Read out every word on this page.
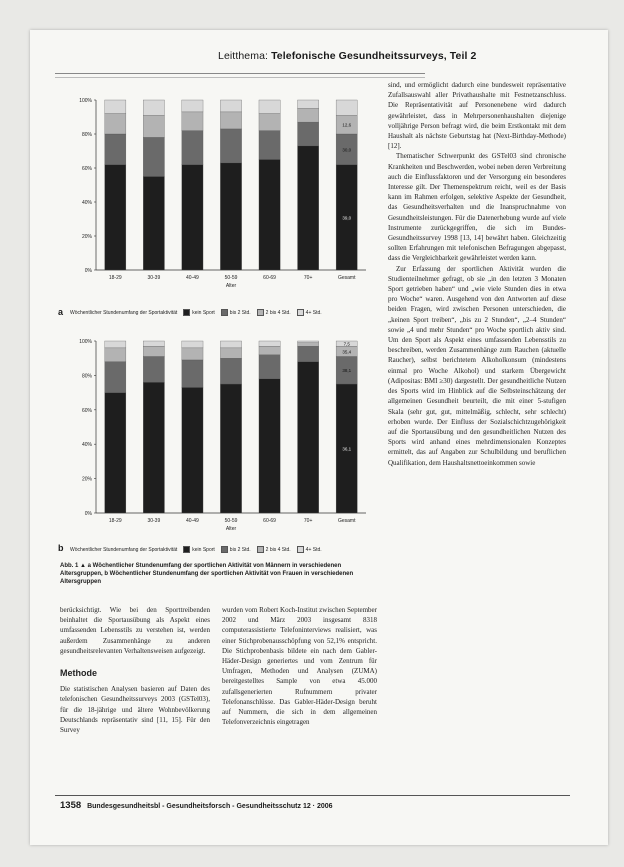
Leitthema: Telefonische Gesundheitssurveys, Teil 2
0%
20%
40%
60%
80%
100%
18-29	30-39	40-49	50-59	60-69	70+	Gesamt
Alter
39,0
30,0
12,6
a Wöchentlicher Stundenumfang der Sportaktivität	kein Sport	bis 2 Std.	2 bis 4 Std.	4+ Std.
0%
20%
40%
60%
80%
100%
18-29	30-39	40-49	50-59	60-69	70+	Gesamt
Alter
36,1
38,1
35,4
7,5
b Wöchentlicher Stundenumfang der Sportaktivität	kein Sport	bis 2 Std.	2 bis 4 Std.	4+ Std.
Abb. 1 ▲ a Wöchentlicher Stundenumfang der sportlichen Aktivität von Männern in verschiedenen Altersgruppen, b Wöchentlicher Stundenumfang der sportlichen Aktivität von Frauen in verschiedenen Altersgruppen

sind, und ermöglicht dadurch eine bundesweit repräsentative Zufallsauswahl aller Privathaushalte mit Festnetzanschluss. Die Repräsentativität auf Personenebene wird dadurch gewährleistet, dass in Mehrpersonenhaushalten diejenige volljährige Person befragt wird, die beim Erstkontakt mit dem Haushalt als nächste Geburtstag hat (Next-Birthday-Methode) [12].

Thematischer Schwerpunkt des GSTel03 sind chronische Krankheiten und Beschwerden, wobei neben deren Verbreitung auch die Einflussfaktoren und der Versorgung ein besonderes Interesse gilt. Der Themenspektrum reicht, weil es der Basis kann im Rahmen erfolgen, selektive Aspekte der Gesundheit, das Gesundheitsverhalten und die Inanspruchnahme von Gesundheitsleistungen. Für die Datenerhebung wurde auf viele Instrumente zurückgegriffen, die sich im Bundes-Gesundheitssurvey 1998 [13, 14] bewährt haben. Gleichzeitig sollten Erfahrungen mit telefonischen Befragungen abgepasst, dass die Vergleichbarkeit gewährleistet werden kann.

Zur Erfassung der sportlichen Aktivität wurden die Studienteilnehmer gefragt, ob sie „in den letzten 3 Monaten Sport getrieben haben“ und „wie viele Stunden dies in etwa pro Woche“ waren. Ausgehend von den Antworten auf diese beiden Fragen, wird zwischen Personen unterschieden, die „keinen Sport treiben“, „bis zu 2 Stunden“, „2–4 Stunden“ sowie „4 und mehr Stunden“ pro Woche sportlich aktiv sind. Um den Sport als Aspekt eines umfassenden Lebensstils zu beschreiben, werden Zusammenhänge zum Rauchen (aktuelle Raucher), selbst berichtetem Alkoholkonsum (mindestens einmal pro Woche Alkohol) und starkem Übergewicht (Adipositas: BMI ≥30) dargestellt. Der gesundheitliche Nutzen des Sports wird im Hinblick auf die Selbsteinschätzung der allgemeinen Gesundheit beurteilt, die mit einer 5-stufigen Skala (sehr gut, gut, mittelmäßig, schlecht, sehr schlecht) erhoben wurde. Der Einfluss der Sozialschichtzugehörigkeit auf die Sportausübung und den gesundheitlichen Nutzen des Sports wird anhand eines mehrdimensionalen Konzeptes ermittelt, das auf Angaben zur Schulbildung und beruflichen Qualifikation, dem Haushaltsnettoeinkommen sowie

berücksichtigt. Wie bei den Sporttreibenden beinhaltet die Sportausübung als Aspekt eines umfassenden Lebensstils zu verstehen ist, werden außerdem Zusammenhänge zu anderen gesundheitsrelevanten Verhaltensweisen aufgezeigt.

Methode

Die statistischen Analysen basieren auf Daten des telefonischen Gesundheitssurveys 2003 (GSTel03), für die 18-jährige und ältere Wohnbevölkerung Deutschlands repräsentativ sind [11, 15]. Für den Survey

wurden vom Robert Koch-Institut zwischen September 2002 und März 2003 insgesamt 8318 computerassistierte Telefoninterviews realisiert, was einer Stichprobenausschöpfung von 52,1% entspricht. Die Stichprobenbasis bildete ein nach dem Gabler-Häder-Design generiertes und vom Zentrum für Umfragen, Methoden und Analysen (ZUMA) bereitgestelltes Sample von etwa 45.000 zufallsgenerierten Rufnummern privater Telefonanschlüsse. Das Gabler-Häder-Design beruht auf Nummern, die sich in dem allgemeinen Telefonverzeichnis eingetragen

1358 Bundesgesundheitsbl - Gesundheitsforsch - Gesundheitsschutz 12 · 2006
